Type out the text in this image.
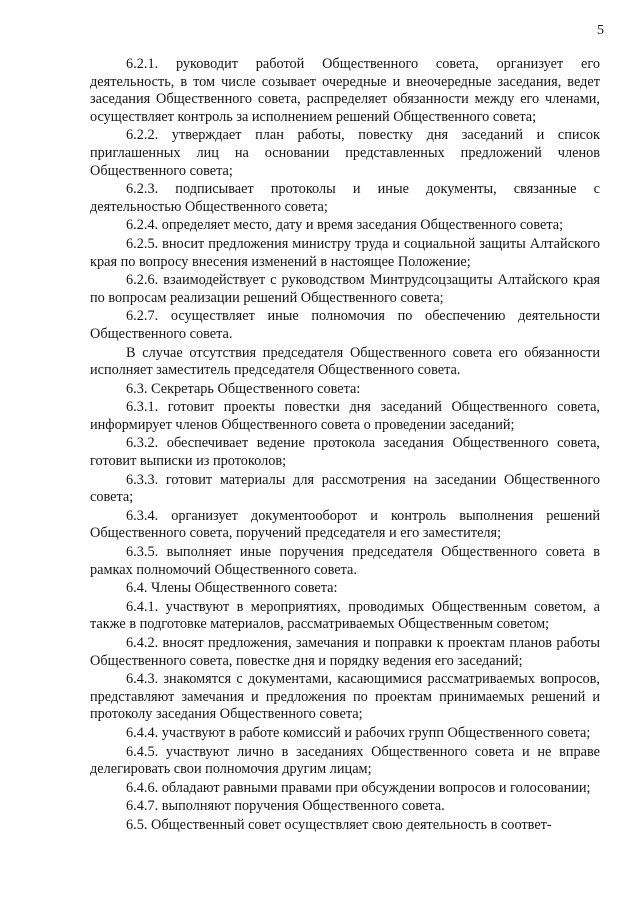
5

6.2.1. руководит работой Общественного совета, организует его деятельность, в том числе созывает очередные и внеочередные заседания, ведет заседания Общественного совета, распределяет обязанности между его членами, осуществляет контроль за исполнением решений Общественного совета;

6.2.2. утверждает план работы, повестку дня заседаний и список приглашенных лиц на основании представленных предложений членов Общественного совета;

6.2.3. подписывает протоколы и иные документы, связанные с деятельностью Общественного совета;

6.2.4. определяет место, дату и время заседания Общественного совета;

6.2.5. вносит предложения министру труда и социальной защиты Алтайского края по вопросу внесения изменений в настоящее Положение;

6.2.6. взаимодействует с руководством Минтрудсоцзащиты Алтайского края по вопросам реализации решений Общественного совета;

6.2.7. осуществляет иные полномочия по обеспечению деятельности Общественного совета.

В случае отсутствия председателя Общественного совета его обязанности исполняет заместитель председателя Общественного совета.

6.3. Секретарь Общественного совета:

6.3.1. готовит проекты повестки дня заседаний Общественного совета, информирует членов Общественного совета о проведении заседаний;

6.3.2. обеспечивает ведение протокола заседания Общественного совета, готовит выписки из протоколов;

6.3.3. готовит материалы для рассмотрения на заседании Общественного совета;

6.3.4. организует документооборот и контроль выполнения решений Общественного совета, поручений председателя и его заместителя;

6.3.5. выполняет иные поручения председателя Общественного совета в рамках полномочий Общественного совета.

6.4. Члены Общественного совета:

6.4.1. участвуют в мероприятиях, проводимых Общественным советом, а также в подготовке материалов, рассматриваемых Общественным советом;

6.4.2. вносят предложения, замечания и поправки к проектам планов работы Общественного совета, повестке дня и порядку ведения его заседаний;

6.4.3. знакомятся с документами, касающимися рассматриваемых вопросов, представляют замечания и предложения по проектам принимаемых решений и протоколу заседания Общественного совета;

6.4.4. участвуют в работе комиссий и рабочих групп Общественного совета;

6.4.5. участвуют лично в заседаниях Общественного совета и не вправе делегировать свои полномочия другим лицам;

6.4.6. обладают равными правами при обсуждении вопросов и голосовании;

6.4.7. выполняют поручения Общественного совета.

6.5. Общественный совет осуществляет свою деятельность в соответ-
